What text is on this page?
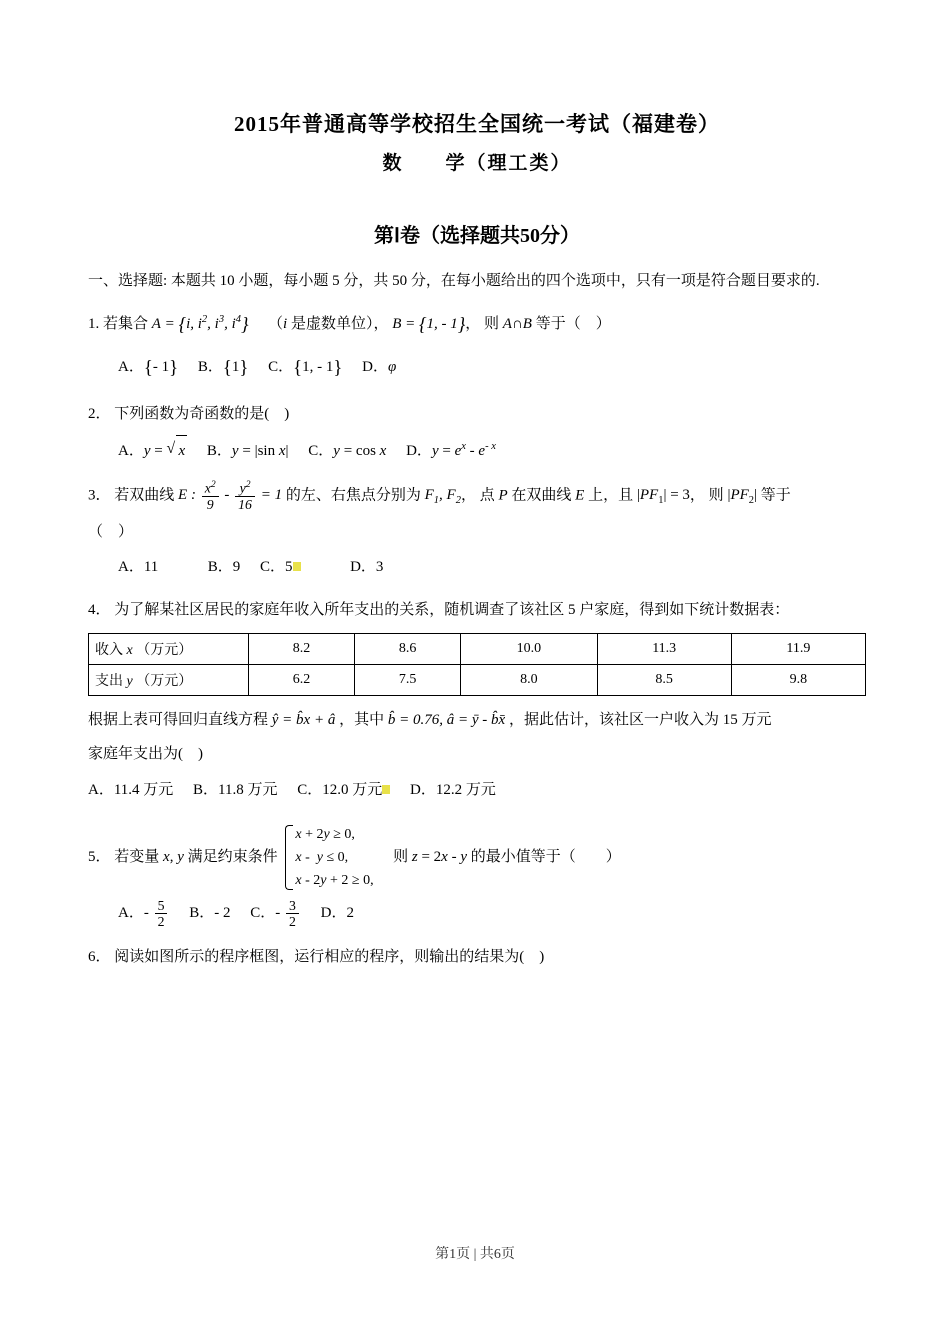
2015年普通高等学校招生全国统一考试（福建卷）
数　　学（理工类）
第Ⅰ卷（选择题共50分）
一、选择题: 本题共 10 小题，每小题 5 分，共 50 分，在每小题给出的四个选项中，只有一项是符合题目要求的.
1. 若集合 A = {i, $i^2$, $i^3$, $i^4$} （i 是虚数单位）， B = {1, - 1}， 则 A∩B 等于（　）
A．{- 1} B．{1} C．{1, - 1} D．φ
2． 下列函数为奇函数的是(　)
A．y = √ x B．y = |sin x| C．y = cos x D．$y = e^x - e^{- x}$
3． 若双曲线 E : $\frac{x^2}{9} - \frac{y^2}{16} = 1$ 的左、右焦点分别为 $F_1$, $F_2$， 点 P 在双曲线 E 上，且 $|PF_1| = 3$， 则 $|PF_2|$ 等于
（　）
A．11	B．9 C．5	D．3
4． 为了解某社区居民的家庭年收入所年支出的关系，随机调查了该社区 5 户家庭，得到如下统计数据表：
收入 x （万元）	8.2	8.6	10.0	11.3	11.9
支出 y （万元）	6.2	7.5	8.0	8.5	9.8
根据上表可得回归直线方程 ŷ = b̂x + â ，其中 b̂ = 0.76, â = ȳ - b̂x̄ ，据此估计，该社区一户收入为 15 万元
家庭年支出为(　)
A．11.4 万元 B．11.8 万元 C．12.0 万元 D．12.2 万元
5． 若变量 x, y 满足约束条件 x + 2y ≥ 0,
x -  y ≤ 0,
x - 2y + 2 ≥ 0,  则 z = 2x - y 的最小值等于（　　）
A．- $\frac{5}{2}$ B．- 2 C．- $\frac{3}{2}$ D．2
6． 阅读如图所示的程序框图，运行相应的程序，则输出的结果为(　)
第1页 | 共6页
